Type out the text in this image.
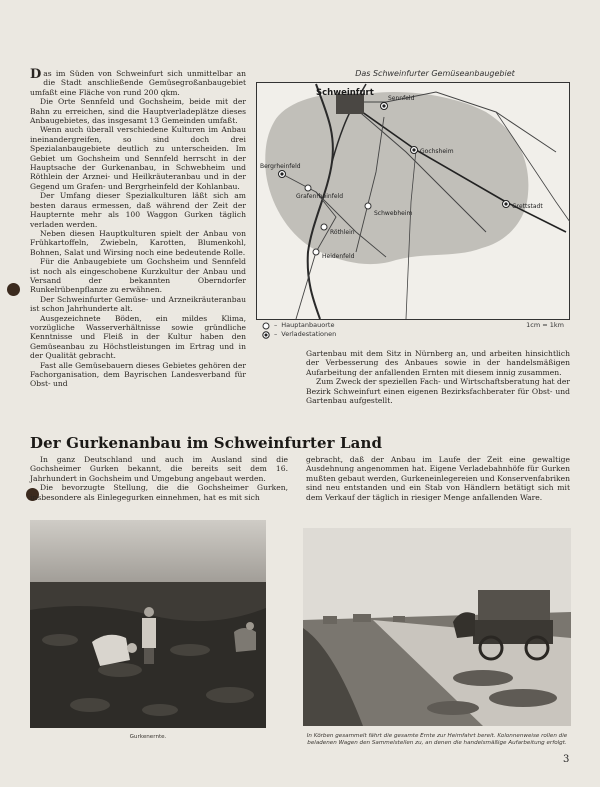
Das im Süden von Schweinfurt sich unmittelbar an die Stadt anschließende Gemüsegroßanbaugebiet umfaßt eine Fläche von rund 200 qkm.

Die Orte Sennfeld und Gochsheim, beide mit der Bahn zu erreichen, sind die Hauptverladeplätze dieses Anbaugebietes, das insgesamt 13 Gemeinden umfaßt.

Wenn auch überall verschiedene Kulturen im Anbau ineinandergreifen, so sind doch drei Spezialanbaugebiete deutlich zu unterscheiden. Im Gebiet um Gochsheim und Sennfeld herrscht in der Hauptsache der Gurkenanbau, in Schwebheim und Röthlein der Arznei- und Heilkräuteranbau und in der Gegend um Grafen- und Bergrheinfeld der Kohlanbau.

Der Umfang dieser Spezialkulturen läßt sich am besten daraus ermessen, daß während der Zeit der Haupternte mehr als 100 Waggon Gurken täglich verladen werden.

Neben diesen Hauptkulturen spielt der Anbau von Frühkartoffeln, Zwiebeln, Karotten, Blumenkohl, Bohnen, Salat und Wirsing noch eine bedeutende Rolle.

Für die Anbaugebiete um Gochsheim und Sennfeld ist noch als eingeschobene Kurzkultur der Anbau und Versand der bekannten Oberndorfer Runkelrübenpflanze zu erwähnen.

Der Schweinfurter Gemüse- und Arzneikräuteranbau ist schon Jahrhunderte alt.

Ausgezeichnete Böden, ein mildes Klima, vorzügliche Wasserverhältnisse sowie gründliche Kenntnisse und Fleiß in der Kultur haben den Gemüseanbau zu Höchstleistungen im Ertrag und in der Qualität gebracht.

Fast alle Gemüsebauern dieses Gebietes gehören der Fachorganisation, dem Bayrischen Landesverband für Obst- und

Das Schweinfurter Gemüseanbaugebiet
Schweinfurt
Sennfeld
Gochsheim
Bergrheinfeld
Grafenrheinfeld
Schwebheim
Röthlein
Heidenfeld
Grettstadt
– Hauptanbauorte
– Verladestationen
1cm = 1km

Gartenbau mit dem Sitz in Nürnberg an, und arbeiten hinsichtlich der Verbesserung des Anbaues sowie in der handelsmäßigen Aufarbeitung der anfallenden Ernten mit diesem innig zusammen.

Zum Zweck der speziellen Fach- und Wirtschaftsberatung hat der Bezirk Schweinfurt einen eigenen Bezirksfachberater für Obst- und Gartenbau aufgestellt.

Der Gurkenanbau im Schweinfurter Land

In ganz Deutschland und auch im Ausland sind die Gochsheimer Gurken bekannt, die bereits seit dem 16. Jahrhundert in Gochsheim und Umgebung angebaut werden.

Die bevorzugte Stellung, die die Gochsheimer Gurken, insbesondere als Einlegegurken einnehmen, hat es mit sich

gebracht, daß der Anbau im Laufe der Zeit eine gewaltige Ausdehnung angenommen hat. Eigene Verladebahnhöfe für Gurken mußten gebaut werden, Gurkeneinlegereien und Konservenfabriken sind neu entstanden und ein Stab von Händlern betätigt sich mit dem Verkauf der täglich in riesiger Menge anfallenden Ware.

Gurkenernte.	In Körben gesammelt fährt die gesamte Ernte zur Heimfahrt bereit. Kolonnenweise rollen die beladenen Wagen den Sammelstellen zu, an denen die handelsmäßige Aufarbeitung erfolgt.
3
